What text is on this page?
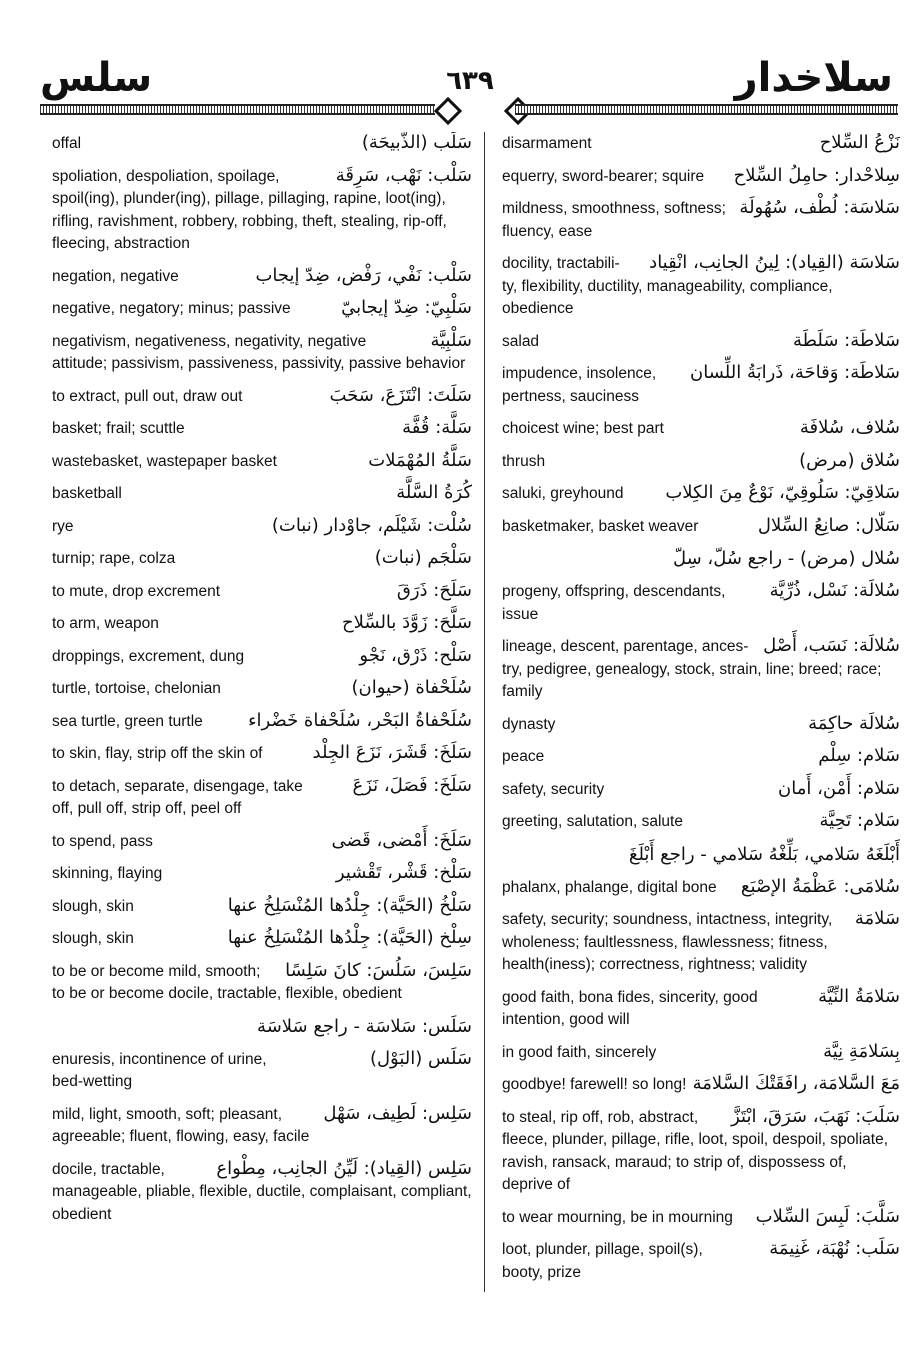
سلس	٦٣٩	سلاخدار
offal	سَلَب (الذَّبيحَة)
spoliation, despoliation, spoilage,	سَلْب: نَهْب، سَرِقَة
spoil(ing), plunder(ing), pillage, pillaging, rapine, loot(ing), rifling, ravishment, robbery, robbing, theft, stealing, rip-off, fleecing, abstraction
negation, negative	سَلْب: نَفْي، رَفْض، ضِدّ إيجاب
negative, negatory; minus; passive	سَلْبِيّ: ضِدّ إيجابيّ
negativism, negativeness, negativity, negative	سَلْبِيَّة
attitude; passivism, passiveness, passivity, passive behavior
to extract, pull out, draw out	سَلَتَ: انْتَزَعَ، سَحَبَ
basket; frail; scuttle	سَلَّة: قُفَّة
wastebasket, wastepaper basket	سَلَّةُ المُهْمَلات
basketball	كُرَةُ السَّلَّة
rye	سُلْت: شَيْلَم، جاوْدار (نبات)
turnip; rape, colza	سَلْجَم (نبات)
to mute, drop excrement	سَلَحَ: ذَرَقَ
to arm, weapon	سَلَّحَ: زَوَّدَ بالسِّلاح
droppings, excrement, dung	سَلْح: ذَرْق، نَجْو
turtle, tortoise, chelonian	سُلَحْفاة (حيوان)
sea turtle, green turtle	سُلَحْفاةُ البَحْر، سُلَحْفاة خَضْراء
to skin, flay, strip off the skin of	سَلَخَ: قَشَرَ، نَزَعَ الجِلْد
to detach, separate, disengage, take	سَلَخَ: فَصَلَ، نَزَعَ
off, pull off, strip off, peel off
to spend, pass	سَلَخَ: أَمْضى، قَضى
skinning, flaying	سَلْخ: قَشْر، تَقْشير
slough, skin	سَلْخُ (الحَيَّة): جِلْدُها المُنْسَلِخُ عنها
slough, skin	سِلْخ (الحَيَّة): جِلْدُها المُنْسَلِخُ عنها
to be or become mild, smooth;	سَلِسَ، سَلُسَ: كانَ سَلِسًا
to be or become docile, tractable, flexible, obedient
سَلَس: سَلاسَة - راجع سَلاسَة
enuresis, incontinence of urine,	سَلَس (البَوْل)
bed-wetting
mild, light, smooth, soft; pleasant,	سَلِس: لَطِيف، سَهْل
agreeable; fluent, flowing, easy, facile
docile, tractable,	سَلِس (القِياد): لَيِّنُ الجانِب، مِطْواع
manageable, pliable, flexible, ductile, complaisant, compliant, obedient
disarmament	نَزْعُ السِّلاح
equerry, sword-bearer; squire	سِلاحْدار: حامِلُ السِّلاح
mildness, smoothness, softness; سَلاسَة: لُطْف، سُهُولَة
fluency, ease
docility, tractabili-	سَلاسَة (القِياد): لِينُ الجانِب، انْقِياد
ty, flexibility, ductility, manageability, compliance, obedience
salad	سَلاطَة: سَلَطَة
impudence, insolence,	سَلاطَة: وَقاحَة، ذَرابَةُ اللِّسان
pertness, sauciness
choicest wine; best part	سُلاف، سُلافَة
thrush	سُلاق (مرض)
saluki, greyhound	سَلاقِيّ: سَلُوقِيّ، نَوْعٌ مِنَ الكِلاب
basketmaker, basket weaver	سَلّال: صانِعُ السِّلال
سُلال (مرض) - راجع سُلّ، سِلّ
progeny, offspring, descendants, issue
سُلالَة: نَسْل، ذُرِّيَّة
lineage, descent, parentage, ances- سُلالَة: نَسَب، أَصْل
try, pedigree, genealogy, stock, strain, line; breed; race; family
dynasty	سُلالَة حاكِمَة
peace	سَلام: سِلْم
safety, security	سَلام: أَمْن، أَمان
greeting, salutation, salute	سَلام: تَحِيَّة
أَبْلَغَهُ سَلامي، بَلِّغْهُ سَلامي - راجع أَبْلَغَ
phalanx, phalange, digital bone	سُلامَى: عَظْمَةُ الإصْبَع
safety, security; soundness, intactness, integrity,	سَلامَة
wholeness; faultlessness, flawlessness; fitness, health(iness); correctness, rightness; validity
good faith, bona fides, sincerity, good	سَلامَةُ النِّيَّة
intention, good will
in good faith, sincerely	بِسَلامَةِ نِيَّة
goodbye! farewell! so long! مَعَ السَّلامَة، رافَقَتْكَ السَّلامَة
to steal, rip off, rob, abstract,	سَلَبَ: نَهَبَ، سَرَقَ، ابْتَزَّ
fleece, plunder, pillage, rifle, loot, spoil, despoil, spoliate, ravish, ransack, maraud; to strip of, dispossess of, deprive of
to wear mourning, be in mourning	سَلَّبَ: لَبِسَ السِّلاب
loot, plunder, pillage, spoil(s),	سَلَب: نُهْبَة، غَنِيمَة
booty, prize
